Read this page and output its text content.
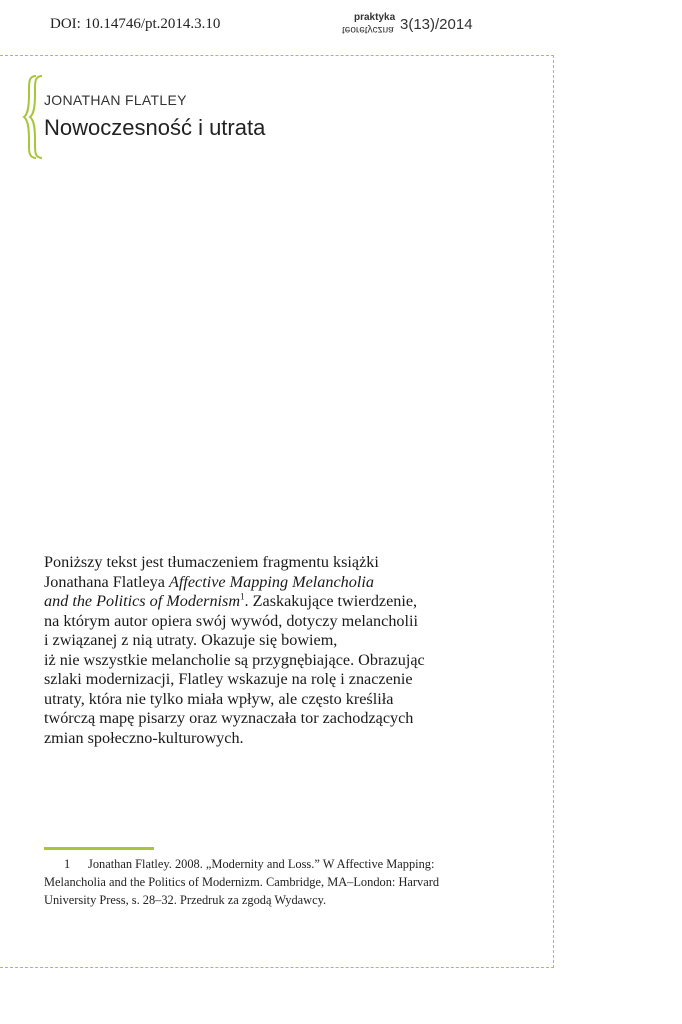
DOI: 10.14746/pt.2014.3.10	praktyka
teoretyczna 3(13)/2014
JONATHAN FLATLEY
Nowoczesność i utrata
Poniższy tekst jest tłumaczeniem fragmentu książki
Jonathana Flatleya Affective Mapping Melancholia
and the Politics of Modernism$^1$. Zaskakujące twierdzenie,
na którym autor opiera swój wywód, dotyczy melancholii
i związanej z nią utraty. Okazuje się bowiem,
iż nie wszystkie melancholie są przygnębiające. Obrazując
szlaki modernizacji, Flatley wskazuje na rolę i znaczenie
utraty, która nie tylko miała wpływ, ale często kreśliła
twórczą mapę pisarzy oraz wyznaczała tor zachodzących
zmian społeczno-kulturowych.
1 Jonathan Flatley. 2008. „Modernity and Loss.” W Affective Mapping:
Melancholia and the Politics of Modernizm. Cambridge, MA–London: Harvard
University Press, s. 28–32. Przedruk za zgodą Wydawcy.
